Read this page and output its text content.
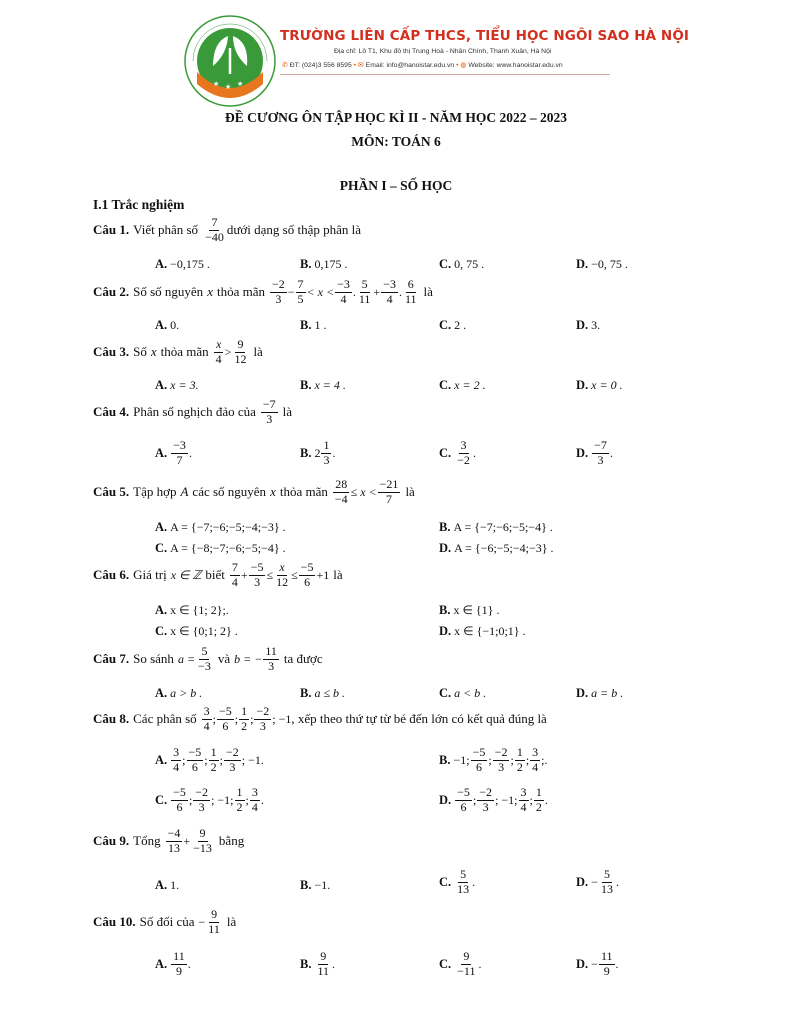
★ ★ ★
TRƯỜNG LIÊN CẤP THCS, TIỂU HỌC NGÔI SAO HÀ NỘI
Địa chỉ: Lô T1, Khu đô thị Trung Hoà - Nhân Chính, Thanh Xuân, Hà Nội
✆ ĐT: (024)3 556 8595 • ✉ Email: info@hanoistar.edu.vn • ◍ Website: www.hanoistar.edu.vn
ĐỀ CƯƠNG ÔN TẬP HỌC KÌ II - NĂM HỌC 2022 – 2023
MÔN: TOÁN 6
PHẦN I – SỐ HỌC
I.1 Trắc nghiệm
Câu 1. Viết phân số
7
−40 dưới dạng số thập phân là
A. −0,175 .	B. 0,175 .	C. 0, 75 .	D. −0, 75 .
Câu 2. Số số nguyên x thỏa mãn
−2
$3 - \frac{7}{5} < x$ <
−3
4 .
5
$11 + \frac{-3}{4}$ .
6
11 là
A. 0.	B. 1 .	C. 2 .	D. 3.
Câu 3. Số x thỏa mãn
x
4 >
9
12 là
A. x = 3.	B. x = 4 .	C. x = 2 .	D. x = 0 .
Câu 4. Phân số nghịch đảo của
−7
3 là
A.
−3
7 .	B. 2
1
3 .	C.
3
−2 .	D.
−7
3 .
Câu 5. Tập hợp A các số nguyên x thỏa mãn $\frac{28}{-4} \le x$ <
−21
7 là
A. A = {−7;−6;−5;−4;−3} .	B. A = {−7;−6;−5;−4} .
C. A = {−8;−7;−6;−5;−4} .	D. A = {−6;−5;−4;−3} .
Câu 6. Giá trị x ∈ ℤ biết
7
$4 + \frac{-5}{3} \le \frac{x}{12} \le \frac{-5}{6} +1$ là
A. x ∈ {1; 2};.	B. x ∈ {1} .
C. x ∈ {0;1; 2} .	D. x ∈ {−1;0;1} .
Câu 7. So sánh $a = \frac{5}{-3}$ và b = − $\frac{11}{3}$ ta được
A. a > b .	B. a ≤ b .	C. a < b .	D. a = b .
Câu 8. Các phân số
3
4 ;
−5
6 ;
1
2 ;
−2
3 ; −1 , xếp theo thứ tự từ bé đến lớn có kết quả đúng là
A.
3
4 ;
−5
6 ;
1
2 ;
−2
3 ; −1.	B. −1;
−5
6 ;
−2
3 ;
1
2 ;
3
4 ;.
C.
−5
6 ;
−2
3 ; −1;
1
2 ;
3
4 .	D.
−5
6 ;
−2
3 ; −1;
3
4 ;
1
2 .
Câu 9. Tổng
−4
$13 + \frac{9}{-13}$ bằng
A. 1.	B. −1.	C.
5
13 .	D. − $\frac{5}{13}$ .
Câu 10. Số đối của − $\frac{9}{11}$ là
A.
11
9 .	B.
9
11 .	C.
9
−11 .	D. − $\frac{11}{9}$ .
